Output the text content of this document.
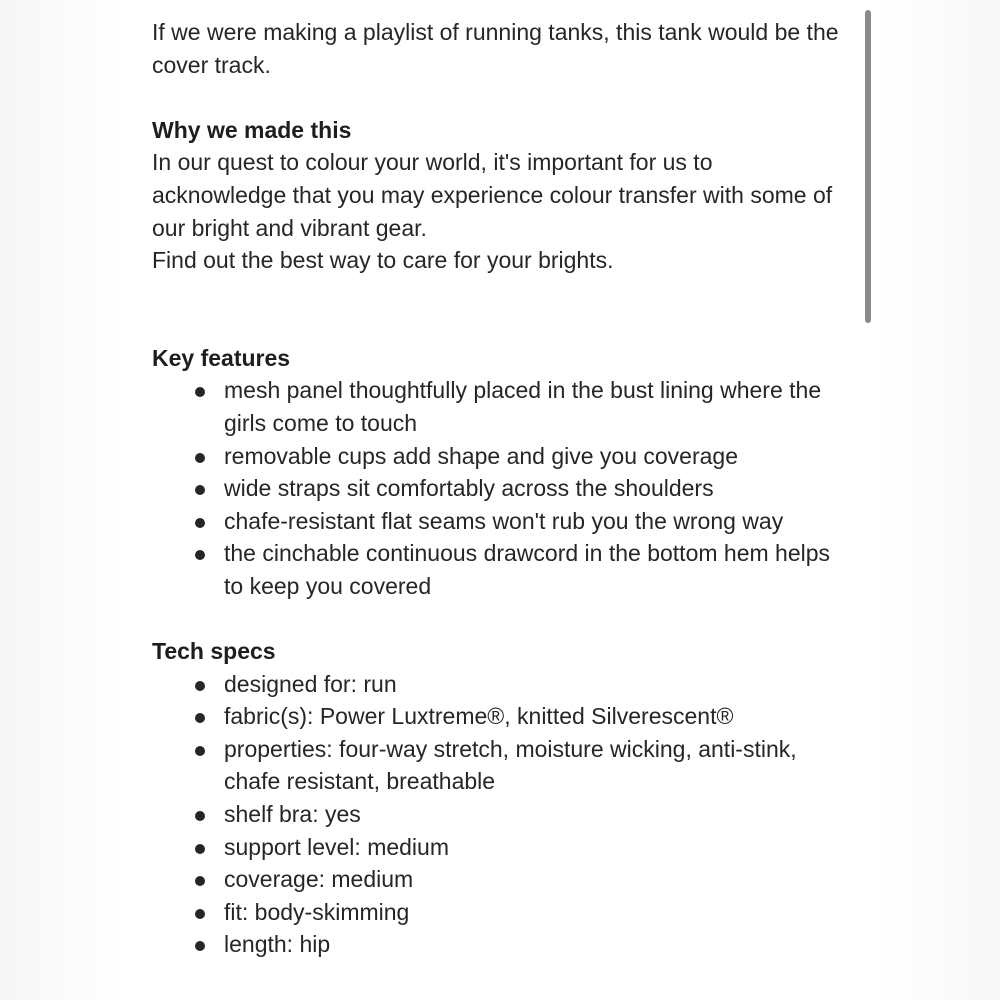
If we were making a playlist of running tanks, this tank would be the cover track.

Why we made this

In our quest to colour your world, it's important for us to acknowledge that you may experience colour transfer with some of our bright and vibrant gear.

Find out the best way to care for your brights.

Key features

mesh panel thoughtfully placed in the bust lining where the girls come to touch
removable cups add shape and give you coverage
wide straps sit comfortably across the shoulders
chafe-resistant flat seams won't rub you the wrong way
the cinchable continuous drawcord in the bottom hem helps to keep you covered

Tech specs

designed for: run
fabric(s): Power Luxtreme®, knitted Silverescent®
properties: four-way stretch, moisture wicking, anti-stink, chafe resistant, breathable
shelf bra: yes
support level: medium
coverage: medium
fit: body-skimming
length: hip
